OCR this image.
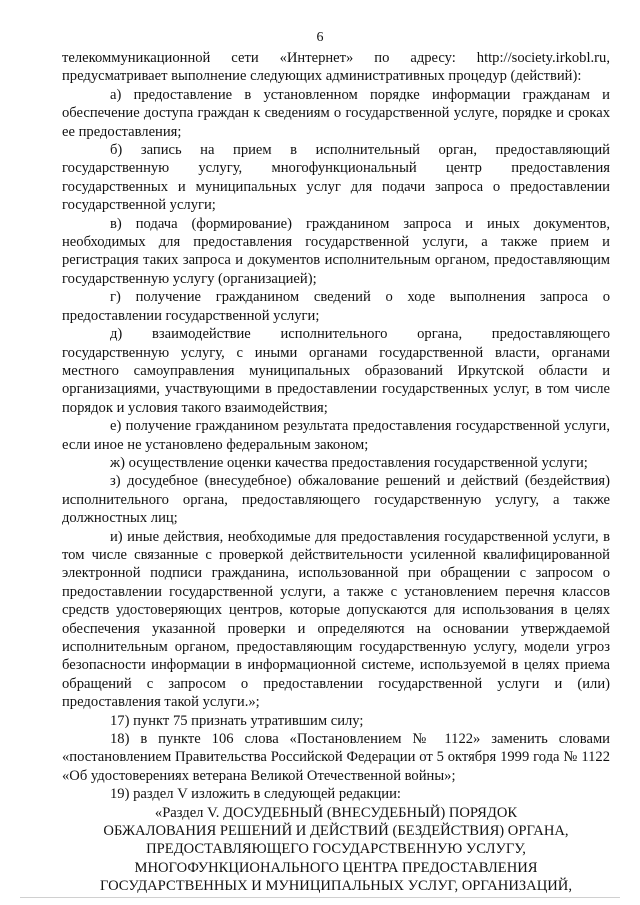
6

телекоммуникационной сети «Интернет» по адресу: http://society.irkobl.ru, предусматривает выполнение следующих административных процедур (действий):

а) предоставление в установленном порядке информации гражданам и обеспечение доступа граждан к сведениям о государственной услуге, порядке и сроках ее предоставления;

б) запись на прием в исполнительный орган, предоставляющий государственную услугу, многофункциональный центр предоставления государственных и муниципальных услуг для подачи запроса о предоставлении государственной услуги;

в) подача (формирование) гражданином запроса и иных документов, необходимых для предоставления государственной услуги, а также прием и регистрация таких запроса и документов исполнительным органом, предоставляющим государственную услугу (организацией);

г) получение гражданином сведений о ходе выполнения запроса о предоставлении государственной услуги;

д) взаимодействие исполнительного органа, предоставляющего государственную услугу, с иными органами государственной власти, органами местного самоуправления муниципальных образований Иркутской области и организациями, участвующими в предоставлении государственных услуг, в том числе порядок и условия такого взаимодействия;

е) получение гражданином результата предоставления государственной услуги, если иное не установлено федеральным законом;

ж) осуществление оценки качества предоставления государственной услуги;

з) досудебное (внесудебное) обжалование решений и действий (бездействия) исполнительного органа, предоставляющего государственную услугу, а также должностных лиц;

и) иные действия, необходимые для предоставления государственной услуги, в том числе связанные с проверкой действительности усиленной квалифицированной электронной подписи гражданина, использованной при обращении с запросом о предоставлении государственной услуги, а также с установлением перечня классов средств удостоверяющих центров, которые допускаются для использования в целях обеспечения указанной проверки и определяются на основании утверждаемой исполнительным органом, предоставляющим государственную услугу, модели угроз безопасности информации в информационной системе, используемой в целях приема обращений с запросом о предоставлении государственной услуги и (или) предоставления такой услуги.»;

17) пункт 75 признать утратившим силу;

18) в пункте 106 слова «Постановлением № 1122» заменить словами «постановлением Правительства Российской Федерации от 5 октября 1999 года № 1122 «Об удостоверениях ветерана Великой Отечественной войны»;

19) раздел V изложить в следующей редакции:

«Раздел V. ДОСУДЕБНЫЙ (ВНЕСУДЕБНЫЙ) ПОРЯДОК
ОБЖАЛОВАНИЯ РЕШЕНИЙ И ДЕЙСТВИЙ (БЕЗДЕЙСТВИЯ) ОРГАНА,
ПРЕДОСТАВЛЯЮЩЕГО ГОСУДАРСТВЕННУЮ УСЛУГУ,
МНОГОФУНКЦИОНАЛЬНОГО ЦЕНТРА ПРЕДОСТАВЛЕНИЯ
ГОСУДАРСТВЕННЫХ И МУНИЦИПАЛЬНЫХ УСЛУГ, ОРГАНИЗАЦИЙ,
